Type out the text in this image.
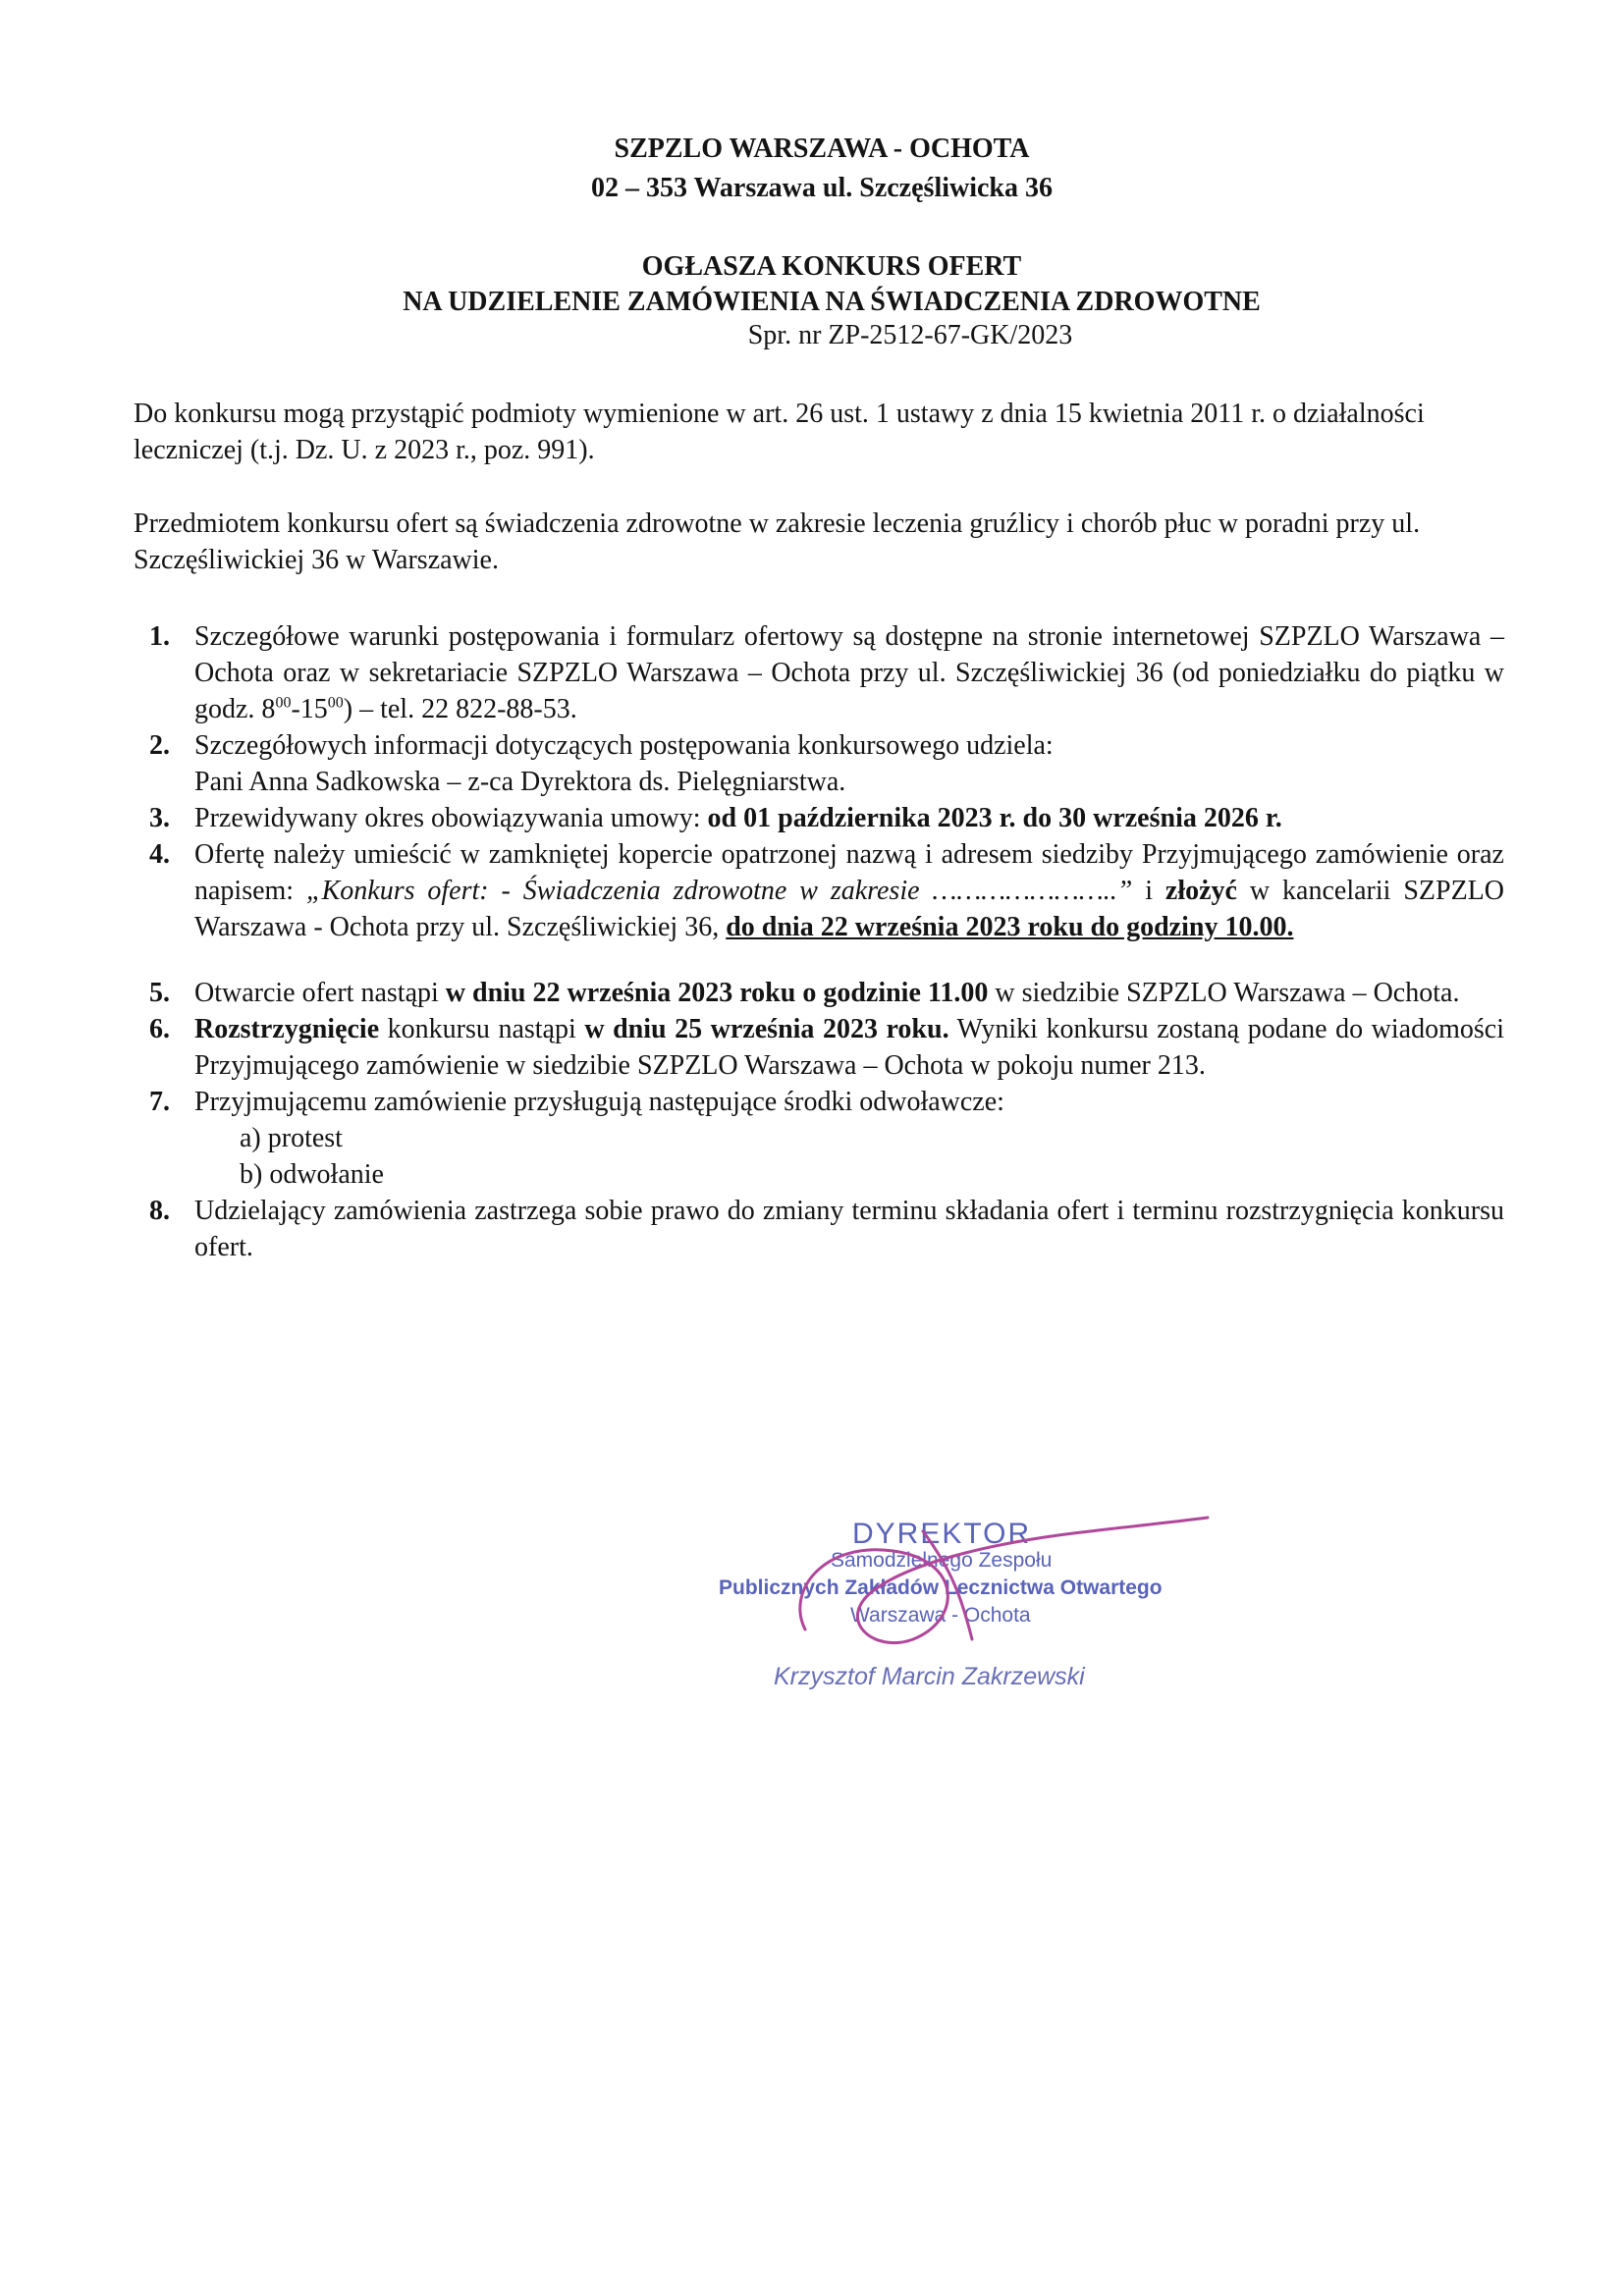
SZPZLO WARSZAWA - OCHOTA
02 – 353 Warszawa ul. Szczęśliwicka 36
OGŁASZA KONKURS OFERT
NA UDZIELENIE ZAMÓWIENIA NA ŚWIADCZENIA ZDROWOTNE
Spr. nr ZP-2512-67-GK/2023
Do konkursu mogą przystąpić podmioty wymienione w art. 26 ust. 1 ustawy z dnia 15 kwietnia 2011 r. o działalności leczniczej (t.j. Dz. U. z 2023 r., poz. 991).
Przedmiotem konkursu ofert są świadczenia zdrowotne w zakresie leczenia gruźlicy i chorób płuc w poradni przy ul. Szczęśliwickiej 36 w Warszawie.
1. Szczegółowe warunki postępowania i formularz ofertowy są dostępne na stronie internetowej SZPZLO Warszawa – Ochota oraz w sekretariacie SZPZLO Warszawa – Ochota przy ul. Szczęśliwickiej 36 (od poniedziałku do piątku w godz. $8^{00}-15^{00}$) – tel. 22 822-88-53.
2. Szczegółowych informacji dotyczących postępowania konkursowego udziela:
Pani Anna Sadkowska – z-ca Dyrektora ds. Pielęgniarstwa.
3. Przewidywany okres obowiązywania umowy: od 01 października 2023 r. do 30 września 2026 r.
4. Ofertę należy umieścić w zamkniętej kopercie opatrzonej nazwą i adresem siedziby Przyjmującego zamówienie oraz napisem: „Konkurs ofert: - Świadczenia zdrowotne w zakresie …………………..” i złożyć w kancelarii SZPZLO Warszawa - Ochota przy ul. Szczęśliwickiej 36, do dnia 22 września 2023 roku do godziny 10.00.
5. Otwarcie ofert nastąpi w dniu 22 września 2023 roku o godzinie 11.00 w siedzibie SZPZLO Warszawa – Ochota.
6. Rozstrzygnięcie konkursu nastąpi w dniu 25 września 2023 roku. Wyniki konkursu zostaną podane do wiadomości Przyjmującego zamówienie w siedzibie SZPZLO Warszawa – Ochota w pokoju numer 213.
7. Przyjmującemu zamówienie przysługują następujące środki odwoławcze:
a) protest
b) odwołanie
8. Udzielający zamówienia zastrzega sobie prawo do zmiany terminu składania ofert i terminu rozstrzygnięcia konkursu ofert.
DYREKTOR
Samodzielnego Zespołu
Publicznych Zakładów Lecznictwa Otwartego
Warszawa - Ochota
Krzysztof Marcin Zakrzewski
